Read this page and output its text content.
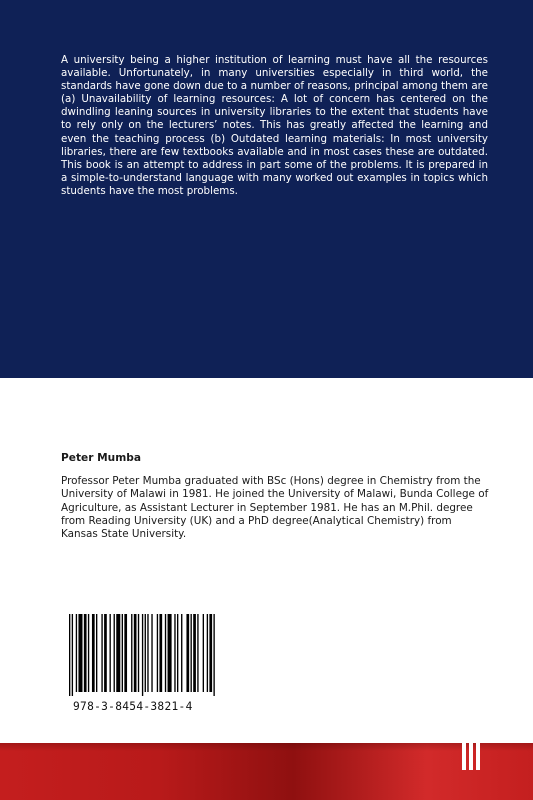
A university being a higher institution of learning must have all the resources available. Unfortunately, in many universities especially in third world, the standards have gone down due to a number of reasons, principal among them are (a) Unavailability of learning resources: A lot of concern has centered on the dwindling leaning sources in university libraries to the extent that students have to rely only on the lecturers’ notes. This has greatly affected the learning and even the teaching process (b) Outdated learning materials: In most university libraries, there are few textbooks available and in most cases these are outdated. This book is an attempt to address in part some of the problems. It is prepared in a simple-to-understand language with many worked out examples in topics which students have the most problems.

Peter Mumba

Professor Peter Mumba graduated with BSc (Hons) degree in Chemistry from the University of Malawi in 1981. He joined the University of Malawi, Bunda College of Agriculture, as Assistant Lecturer in September 1981. He has an M.Phil. degree from Reading University (UK) and a PhD degree(Analytical Chemistry) from Kansas State University.

978-3-8454-3821-4
